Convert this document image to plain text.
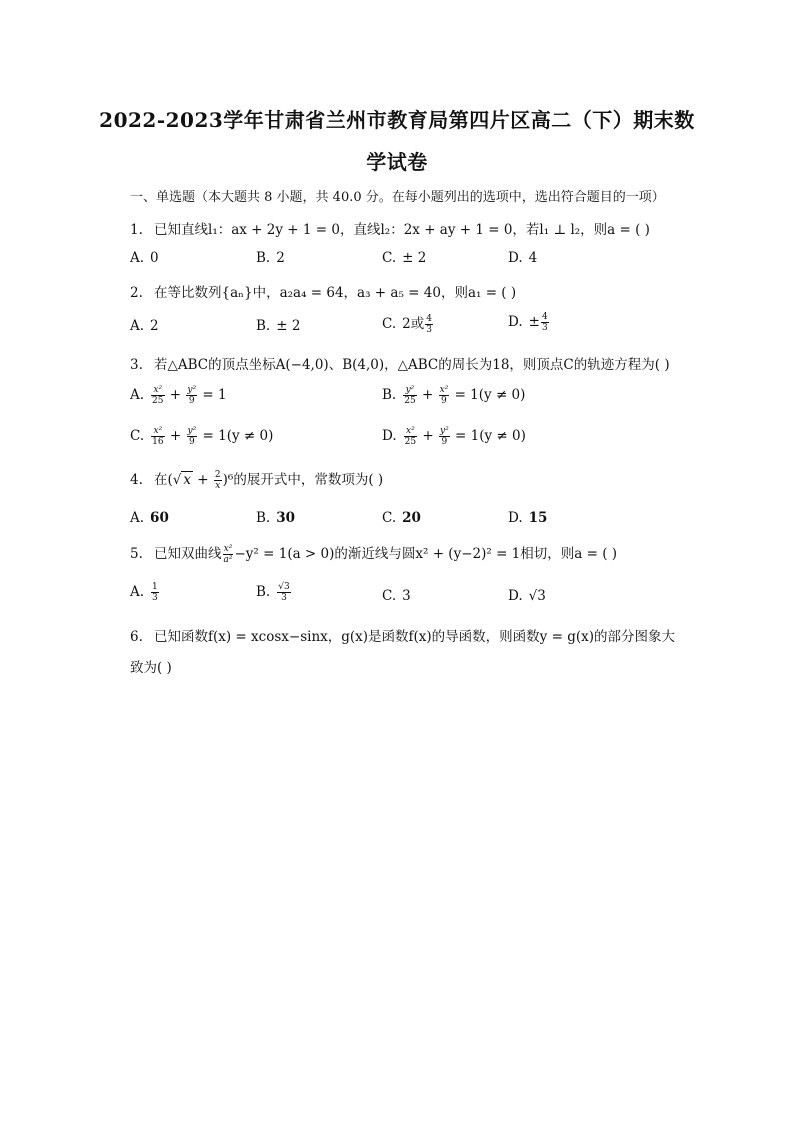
2022-2023学年甘肃省兰州市教育局第四片区高二（下）期末数
学试卷
一、单选题（本大题共 8 小题，共 40.0 分。在每小题列出的选项中，选出符合题目的一项）
1. 已知直线l₁：ax + 2y + 1 = 0，直线l₂：2x + ay + 1 = 0，若l₁ ⊥ l₂，则a = ( )
A. 0	B. 2	C. ± 2	D. 4
2. 在等比数列{aₙ}中，a₂a₄ = 64，a₃ + a₅ = 40，则a₁ = ( )
A. 2	B. ± 2	C. 2或 $\frac{4}{3}$	D. ± $\frac{4}{3}$
3. 若△ABC的顶点坐标A(−4,0)、B(4,0)，△ABC的周长为18，则顶点C的轨迹方程为( )
A. $\frac{\text{x²}}{25} + \frac{\text{y²}}{9} = 1$	B. $\frac{\text{y²}}{25} + \frac{\text{x²}}{9} = 1(y \ne 0)$
C. $\frac{\text{x²}}{16} + \frac{\text{y²}}{9} = 1(y \ne 0)$	D. $\frac{\text{x²}}{25} + \frac{\text{y²}}{9} = 1(y \ne 0)$
4. 在(√ $x + \frac{2}{x} )^6$的展开式中，常数项为( )
A. 60	B. 30	C. 20	D. 15
5. 已知双曲线 $\frac{\text{x²}}{\text{a²}} -y^2 = 1(a > 0)$的渐近线与圆x² + (y−2)² = 1相切，则a = ( )
A. $\frac{1}{3}$	B. $\frac{√3}{3}$	C. 3	D. √3
6. 已知函数f(x) = xcosx−sinx，g(x)是函数f(x)的导函数，则函数y = g(x)的部分图象大
致为( )
